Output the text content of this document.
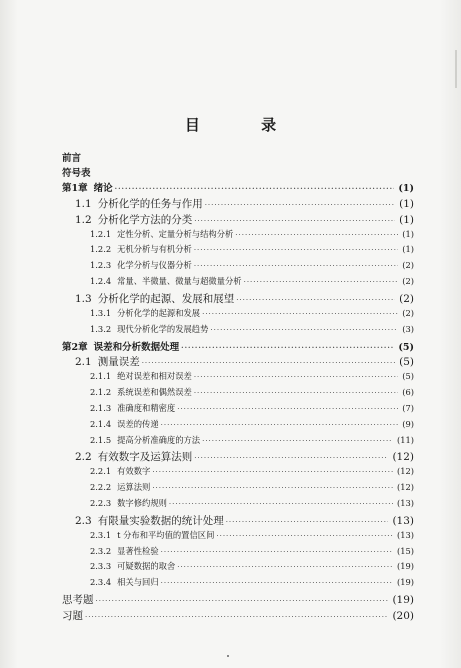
目 录
前言
符号表
第1章 绪论 ·····	(1)
1.1 分析化学的任务与作用 ·····	(1)
1.2 分析化学方法的分类 ·····	(1)
1.2.1 定性分析、定量分析与结构分析 ·····	(1)
1.2.2 无机分析与有机分析 ·····	(1)
1.2.3 化学分析与仪器分析 ·····	(2)
1.2.4 常量、半微量、微量与超微量分析 ·····	(2)
1.3 分析化学的起源、发展和展望 ·····	(2)
1.3.1 分析化学的起源和发展 ·····	(2)
1.3.2 现代分析化学的发展趋势 ·····	(3)
第2章 误差和分析数据处理 ·····	(5)
2.1 测量误差 ·····	(5)
2.1.1 绝对误差和相对误差 ·····	(5)
2.1.2 系统误差和偶然误差 ·····	(6)
2.1.3 准确度和精密度 ·····	(7)
2.1.4 误差的传递 ·····	(9)
2.1.5 提高分析准确度的方法 ·····	(11)
2.2 有效数字及运算法则 ·····	(12)
2.2.1 有效数字 ·····	(12)
2.2.2 运算法则 ·····	(12)
2.2.3 数字修约规则 ·····	(13)
2.3 有限量实验数据的统计处理 ·····	(13)
2.3.1 t 分布和平均值的置信区间 ·····	(13)
2.3.2 显著性检验 ·····	(15)
2.3.3 可疑数据的取舍 ·····	(19)
2.3.4 相关与回归 ·····	(19)
思考题 ·····	(19)
习题 ·····	(20)
